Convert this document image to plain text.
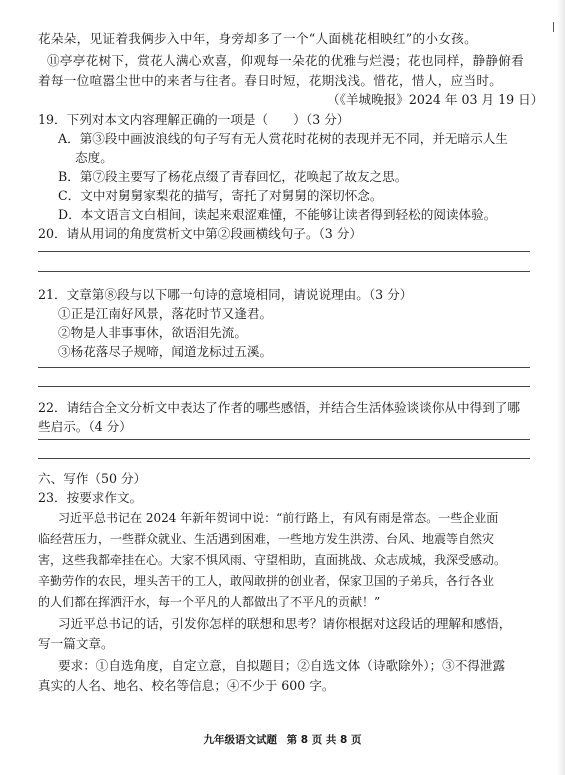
花朵朵，见证着我俩步入中年，身旁却多了一个“人面桃花相映红”的小女孩。
⑪亭亭花树下，赏花人满心欢喜，仰观每一朵花的优雅与烂漫；花也同样，静静俯看
着每一位喧嚣尘世中的来者与往者。春日时短，花期浅浅。惜花，惜人，应当时。
（《羊城晚报》2024 年 03 月 19 日）
19．下列对本文内容理解正确的一项是（　　）（3 分）
A．第③段中画波浪线的句子写有无人赏花时花树的表现并无不同，并无暗示人生
态度。
B．第⑦段主要写了杨花点缀了青春回忆，花唤起了故友之思。
C．文中对舅舅家梨花的描写，寄托了对舅舅的深切怀念。
D．本文语言文白相间，读起来艰涩难懂，不能够让读者得到轻松的阅读体验。
20．请从用词的角度赏析文中第②段画横线句子。（3 分）
21．文章第⑧段与以下哪一句诗的意境相同，请说说理由。（3 分）
①正是江南好风景，落花时节又逢君。
②物是人非事事休，欲语泪先流。
③杨花落尽子规啼，闻道龙标过五溪。
22．请结合全文分析文中表达了作者的哪些感悟，并结合生活体验谈谈你从中得到了哪
些启示。（4 分）
六、写作（50 分）
23．按要求作文。
习近平总书记在 2024 年新年贺词中说：“前行路上，有风有雨是常态。一些企业面
临经营压力，一些群众就业、生活遇到困难，一些地方发生洪涝、台风、地震等自然灾
害，这些我都牵挂在心。大家不惧风雨、守望相助，直面挑战、众志成城，我深受感动。
辛勤劳作的农民，埋头苦干的工人，敢闯敢拼的创业者，保家卫国的子弟兵，各行各业
的人们都在挥洒汗水，每一个平凡的人都做出了不平凡的贡献！”
习近平总书记的话，引发你怎样的联想和思考？请你根据对这段话的理解和感悟，
写一篇文章。
要求：①自选角度，自定立意，自拟题目；②自选文体（诗歌除外）；③不得泄露
真实的人名、地名、校名等信息；④不少于 600 字。
九年级语文试题 第 8 页 共 8 页
